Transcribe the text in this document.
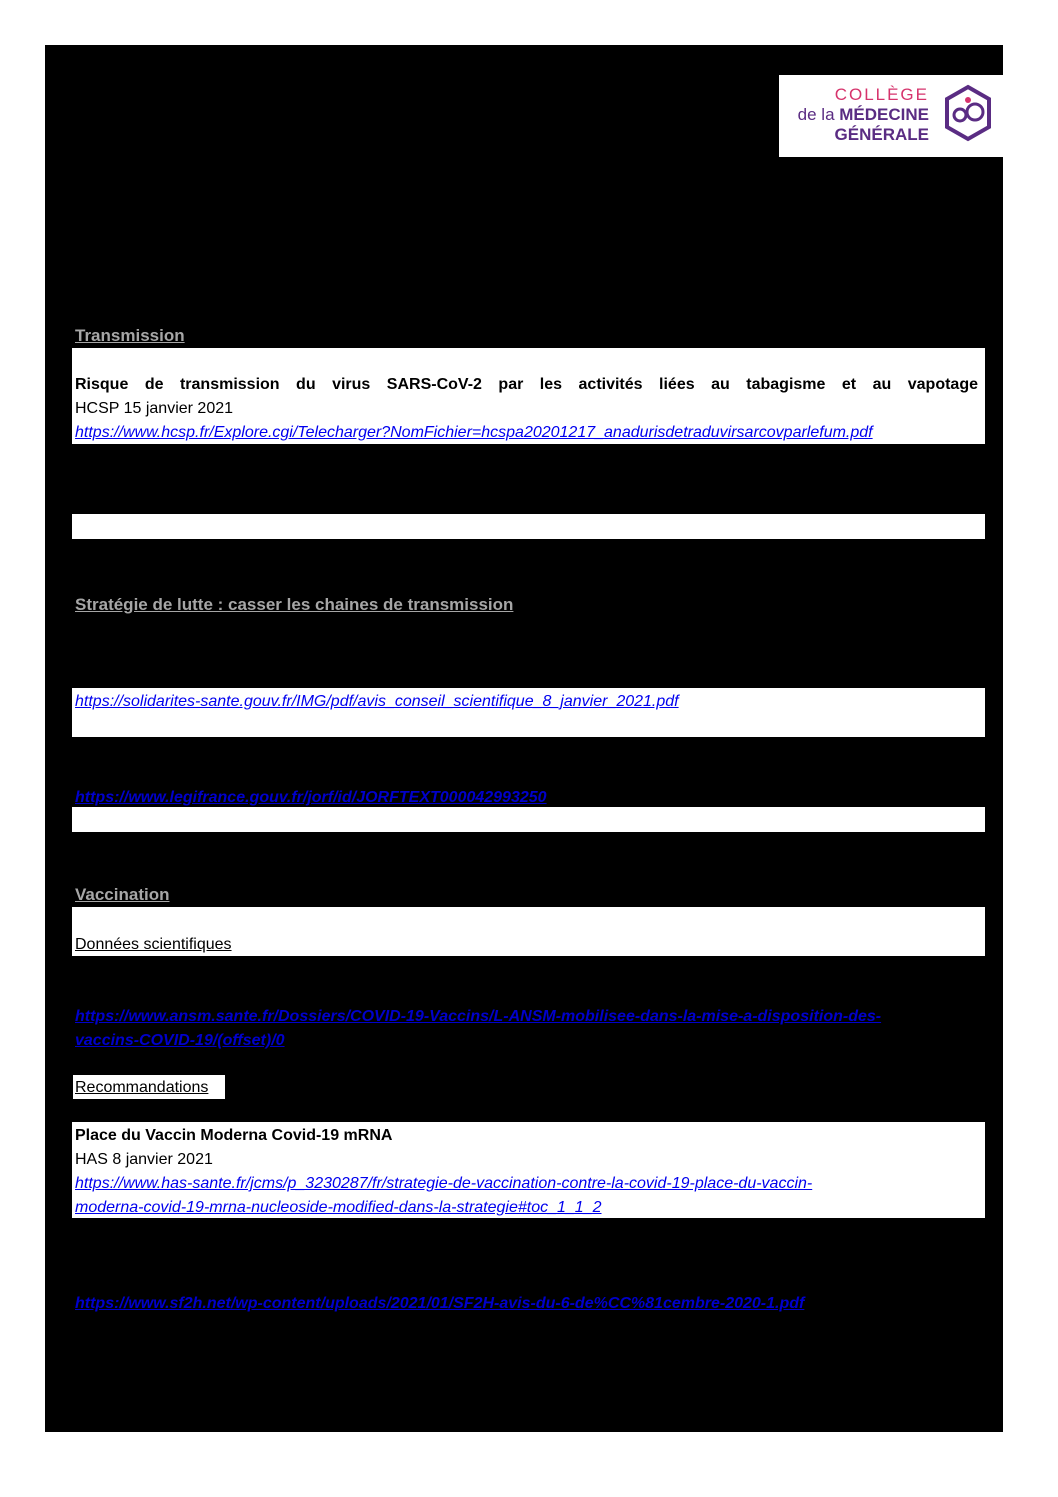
COLLÈGE
de la MÉDECINE
GÉNÉRALE
Transmission
Risque de transmission du virus SARS-CoV-2 par les activités liées au tabagisme et au vapotage
HCSP 15 janvier 2021
https://www.hcsp.fr/Explore.cgi/Telecharger?NomFichier=hcspa20201217_anadurisdetraduvirsarcovparlefum.pdf
Stratégie de lutte : casser les chaines de transmission
https://solidarites-sante.gouv.fr/IMG/pdf/avis_conseil_scientifique_8_janvier_2021.pdf
https://www.legifrance.gouv.fr/jorf/id/JORFTEXT000042993250
Vaccination
Données scientifiques
https://www.ansm.sante.fr/Dossiers/COVID-19-Vaccins/L-ANSM-mobilisee-dans-la-mise-a-disposition-des-
vaccins-COVID-19/(offset)/0
Recommandations
Place du Vaccin Moderna Covid-19 mRNA
HAS 8 janvier 2021
https://www.has-sante.fr/jcms/p_3230287/fr/strategie-de-vaccination-contre-la-covid-19-place-du-vaccin-
moderna-covid-19-mrna-nucleoside-modified-dans-la-strategie#toc_1_1_2
https://www.sf2h.net/wp-content/uploads/2021/01/SF2H-avis-du-6-de%CC%81cembre-2020-1.pdf
